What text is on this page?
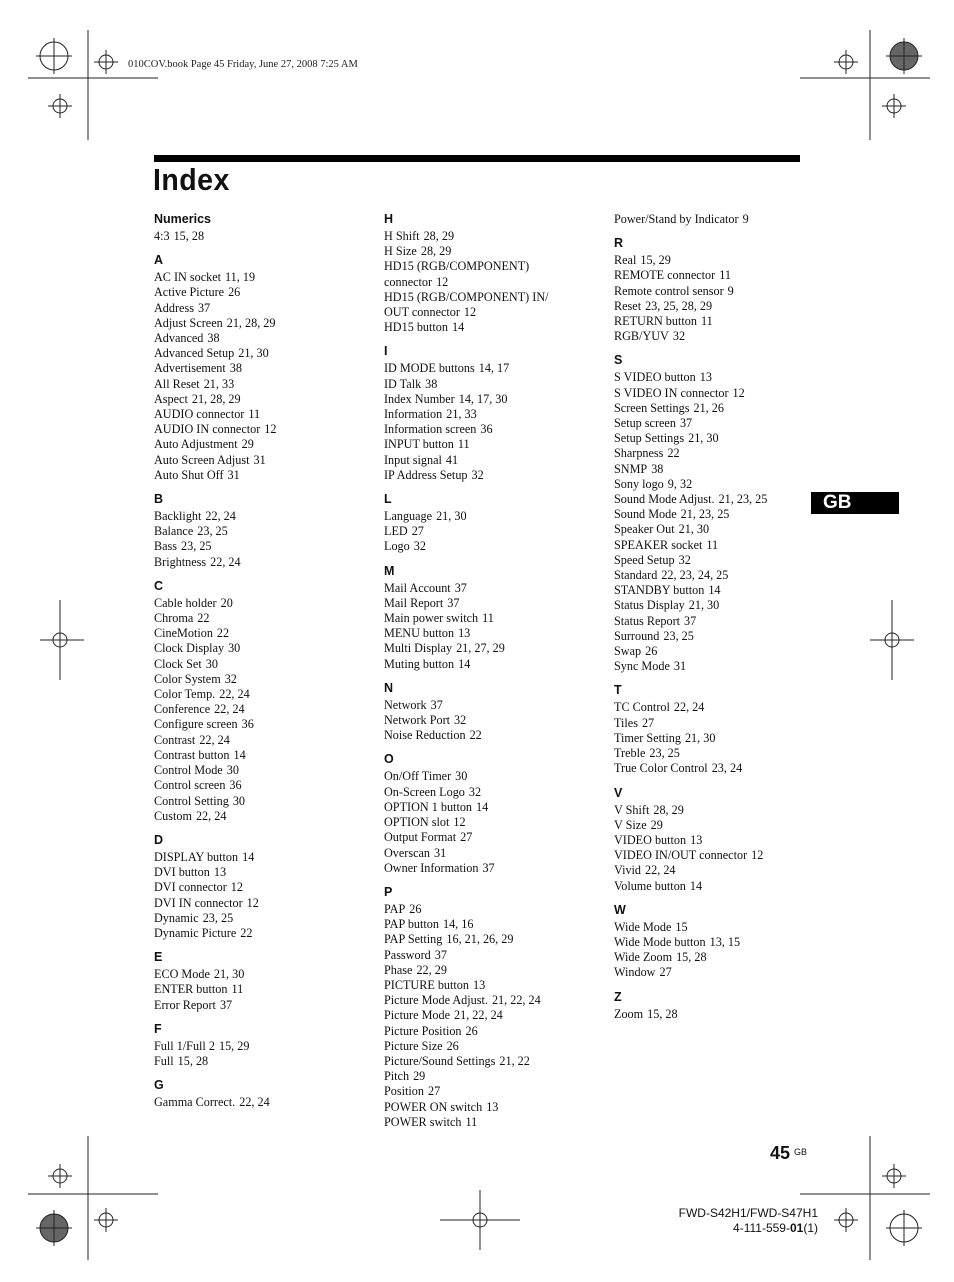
010COV.book Page 45 Friday, June 27, 2008 7:25 AM
Index
Numerics
4:3 15, 28
A
AC IN socket 11, 19
Active Picture 26
Address 37
Adjust Screen 21, 28, 29
Advanced 38
Advanced Setup 21, 30
Advertisement 38
All Reset 21, 33
Aspect 21, 28, 29
AUDIO connector 11
AUDIO IN connector 12
Auto Adjustment 29
Auto Screen Adjust 31
Auto Shut Off 31
B
Backlight 22, 24
Balance 23, 25
Bass 23, 25
Brightness 22, 24
C
Cable holder 20
Chroma 22
CineMotion 22
Clock Display 30
Clock Set 30
Color System 32
Color Temp. 22, 24
Conference 22, 24
Configure screen 36
Contrast 22, 24
Contrast button 14
Control Mode 30
Control screen 36
Control Setting 30
Custom 22, 24
D
DISPLAY button 14
DVI button 13
DVI connector 12
DVI IN connector 12
Dynamic 23, 25
Dynamic Picture 22
E
ECO Mode 21, 30
ENTER button 11
Error Report 37
F
Full 1/Full 2 15, 29
Full 15, 28
G
Gamma Correct. 22, 24
H
H Shift 28, 29
H Size 28, 29
HD15 (RGB/COMPONENT)
connector 12
HD15 (RGB/COMPONENT) IN/
OUT connector 12
HD15 button 14
I
ID MODE buttons 14, 17
ID Talk 38
Index Number 14, 17, 30
Information 21, 33
Information screen 36
INPUT button 11
Input signal 41
IP Address Setup 32
L
Language 21, 30
LED 27
Logo 32
M
Mail Account 37
Mail Report 37
Main power switch 11
MENU button 13
Multi Display 21, 27, 29
Muting button 14
N
Network 37
Network Port 32
Noise Reduction 22
O
On/Off Timer 30
On-Screen Logo 32
OPTION 1 button 14
OPTION slot 12
Output Format 27
Overscan 31
Owner Information 37
P
PAP 26
PAP button 14, 16
PAP Setting 16, 21, 26, 29
Password 37
Phase 22, 29
PICTURE button 13
Picture Mode Adjust. 21, 22, 24
Picture Mode 21, 22, 24
Picture Position 26
Picture Size 26
Picture/Sound Settings 21, 22
Pitch 29
Position 27
POWER ON switch 13
POWER switch 11
Power/Stand by Indicator 9
R
Real 15, 29
REMOTE connector 11
Remote control sensor 9
Reset 23, 25, 28, 29
RETURN button 11
RGB/YUV 32
S
S VIDEO button 13
S VIDEO IN connector 12
Screen Settings 21, 26
Setup screen 37
Setup Settings 21, 30
Sharpness 22
SNMP 38
Sony logo 9, 32
Sound Mode Adjust. 21, 23, 25
Sound Mode 21, 23, 25
Speaker Out 21, 30
SPEAKER socket 11
Speed Setup 32
Standard 22, 23, 24, 25
STANDBY button 14
Status Display 21, 30
Status Report 37
Surround 23, 25
Swap 26
Sync Mode 31
T
TC Control 22, 24
Tiles 27
Timer Setting 21, 30
Treble 23, 25
True Color Control 23, 24
V
V Shift 28, 29
V Size 29
VIDEO button 13
VIDEO IN/OUT connector 12
Vivid 22, 24
Volume button 14
W
Wide Mode 15
Wide Mode button 13, 15
Wide Zoom 15, 28
Window 27
Z
Zoom 15, 28
GB
45 GB
FWD-S42H1/FWD-S47H1
4-111-559-01(1)
